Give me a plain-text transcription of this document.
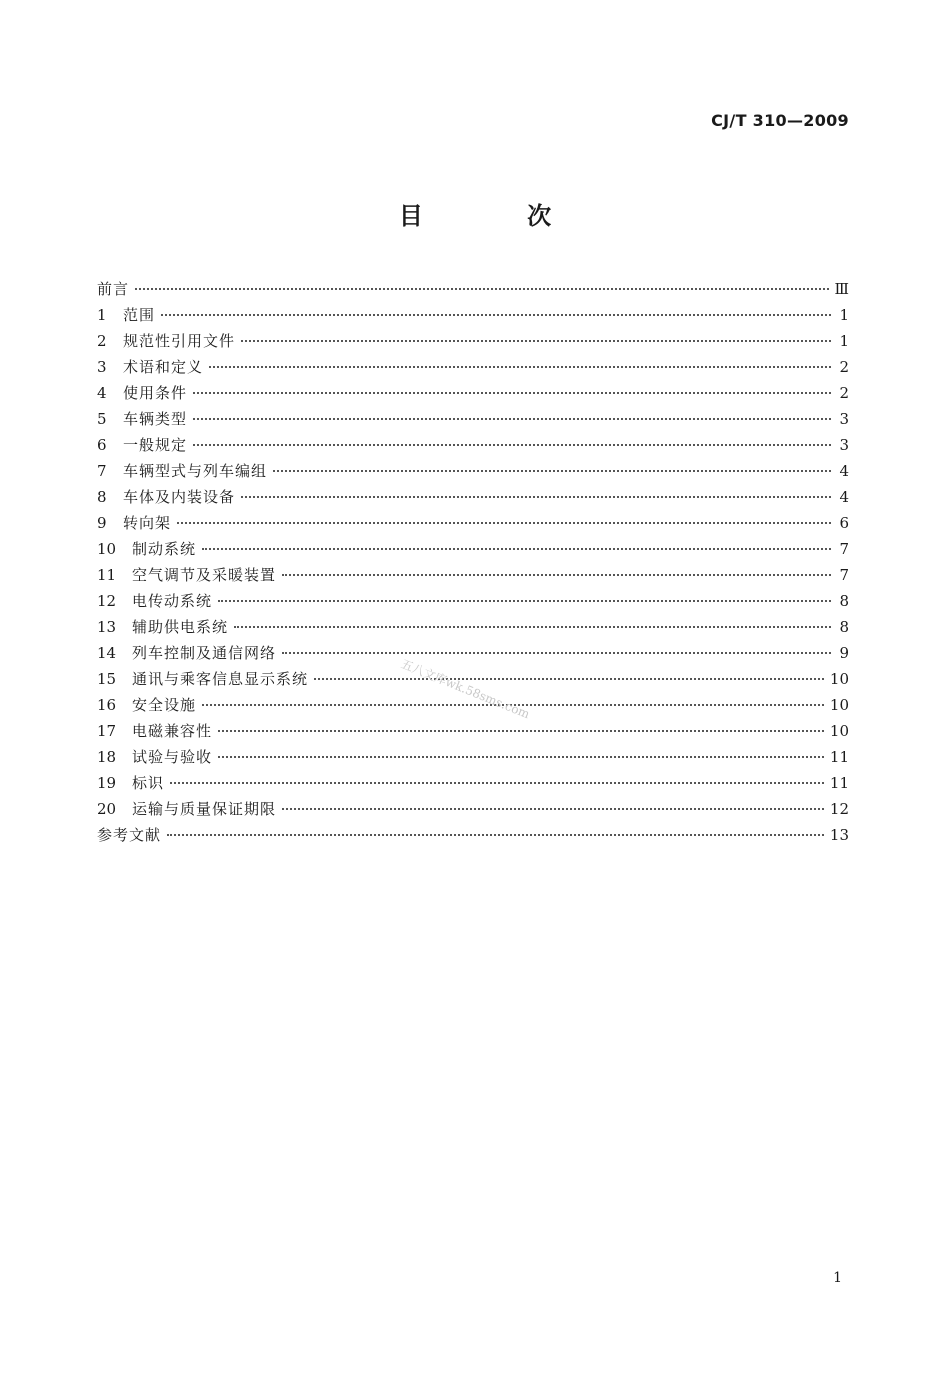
CJ/T 310—2009
目 次
前言	Ⅲ
1	范围	1
2	规范性引用文件	1
3	术语和定义	2
4	使用条件	2
5	车辆类型	3
6	一般规定	3
7	车辆型式与列车编组	4
8	车体及内装设备	4
9	转向架	6
10	制动系统	7
11	空气调节及采暖装置	7
12	电传动系统	8
13	辅助供电系统	8
14	列车控制及通信网络	9
15	通讯与乘客信息显示系统	10
16	安全设施	10
17	电磁兼容性	10
18	试验与验收	11
19	标识	11
20	运输与质量保证期限	12
参考文献	13
五八文库wk.58sms.com
1
